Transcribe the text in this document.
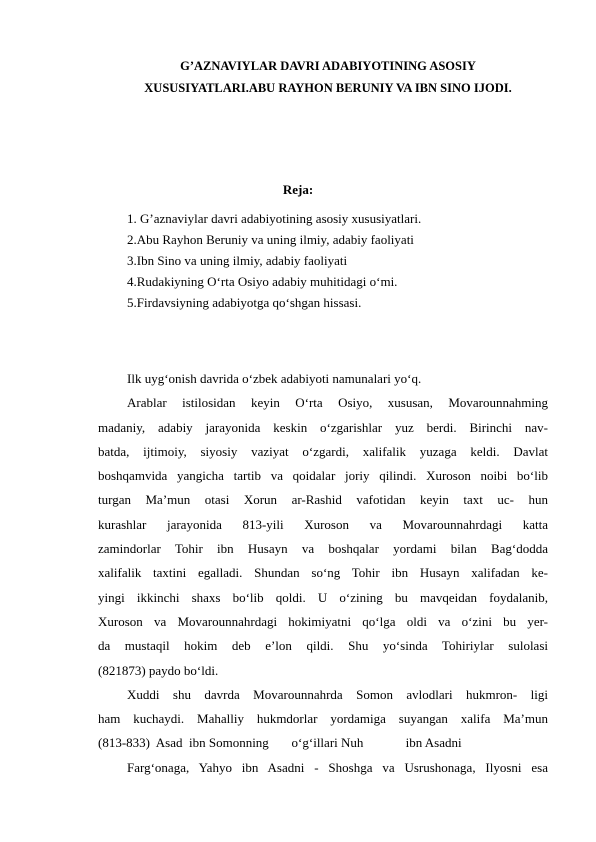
G’AZNAVIYLAR DAVRI ADABIYOTINING ASOSIY
XUSUSIYATLARI.ABU RAYHON BERUNIY VA IBN SINO IJODI.
Reja:
1. G’aznaviylar davri adabiyotining asosiy xususiyatlari.
2.Abu Rayhon Beruniy va uning ilmiy, adabiy faoliyati
3.Ibn Sino va uning ilmiy, adabiy faoliyati
4.Rudakiyning O‘rta Osiyo adabiy muhitidagi o‘mi.
5.Firdavsiyning adabiyotga qo‘shgan hissasi.
Ilk uyg‘onish davrida o‘zbek adabiyoti namunalari yo‘q.
Arablar istilosidan keyin O‘rta Osiyo, xususan, Movarounnahming
madaniy, adabiy jarayonida keskin o‘zgarishlar yuz berdi. Birinchi nav-
batda, ijtimoiy, siyosiy vaziyat o‘zgardi, xalifalik yuzaga keldi. Davlat
boshqamvida yangicha tartib va qoidalar joriy qilindi. Xuroson noibi bo‘lib
turgan Ma’mun otasi Xorun ar-Rashid vafotidan keyin taxt uc- hun
kurashlar jarayonida 813-yili Xuroson va Movarounnahrdagi katta
zamindorlar Tohir ibn Husayn va boshqalar yordami bilan Bag‘dodda
xalifalik taxtini egalladi. Shundan so‘ng Tohir ibn Husayn xalifadan ke-
yingi ikkinchi shaxs bo‘lib qoldi. U o‘zining bu mavqeidan foydalanib,
Xuroson va Movarounnahrdagi hokimiyatni qo‘lga oldi va o‘zini bu yer-
da mustaqil hokim deb e’lon qildi. Shu yo‘sinda Tohiriylar sulolasi
(821873) paydo bo‘ldi.
Xuddi shu davrda Movarounnahrda Somon avlodlari hukmron- ligi
ham kuchaydi. Mahalliy hukmdorlar yordamiga suyangan xalifa Ma’mun
(813-833)  Asad  ibn Somonning       o‘g‘illari Nuh             ibn Asadni
Farg‘onaga, Yahyo ibn Asadni - Shoshga va Usrushonaga, Ilyosni esa
